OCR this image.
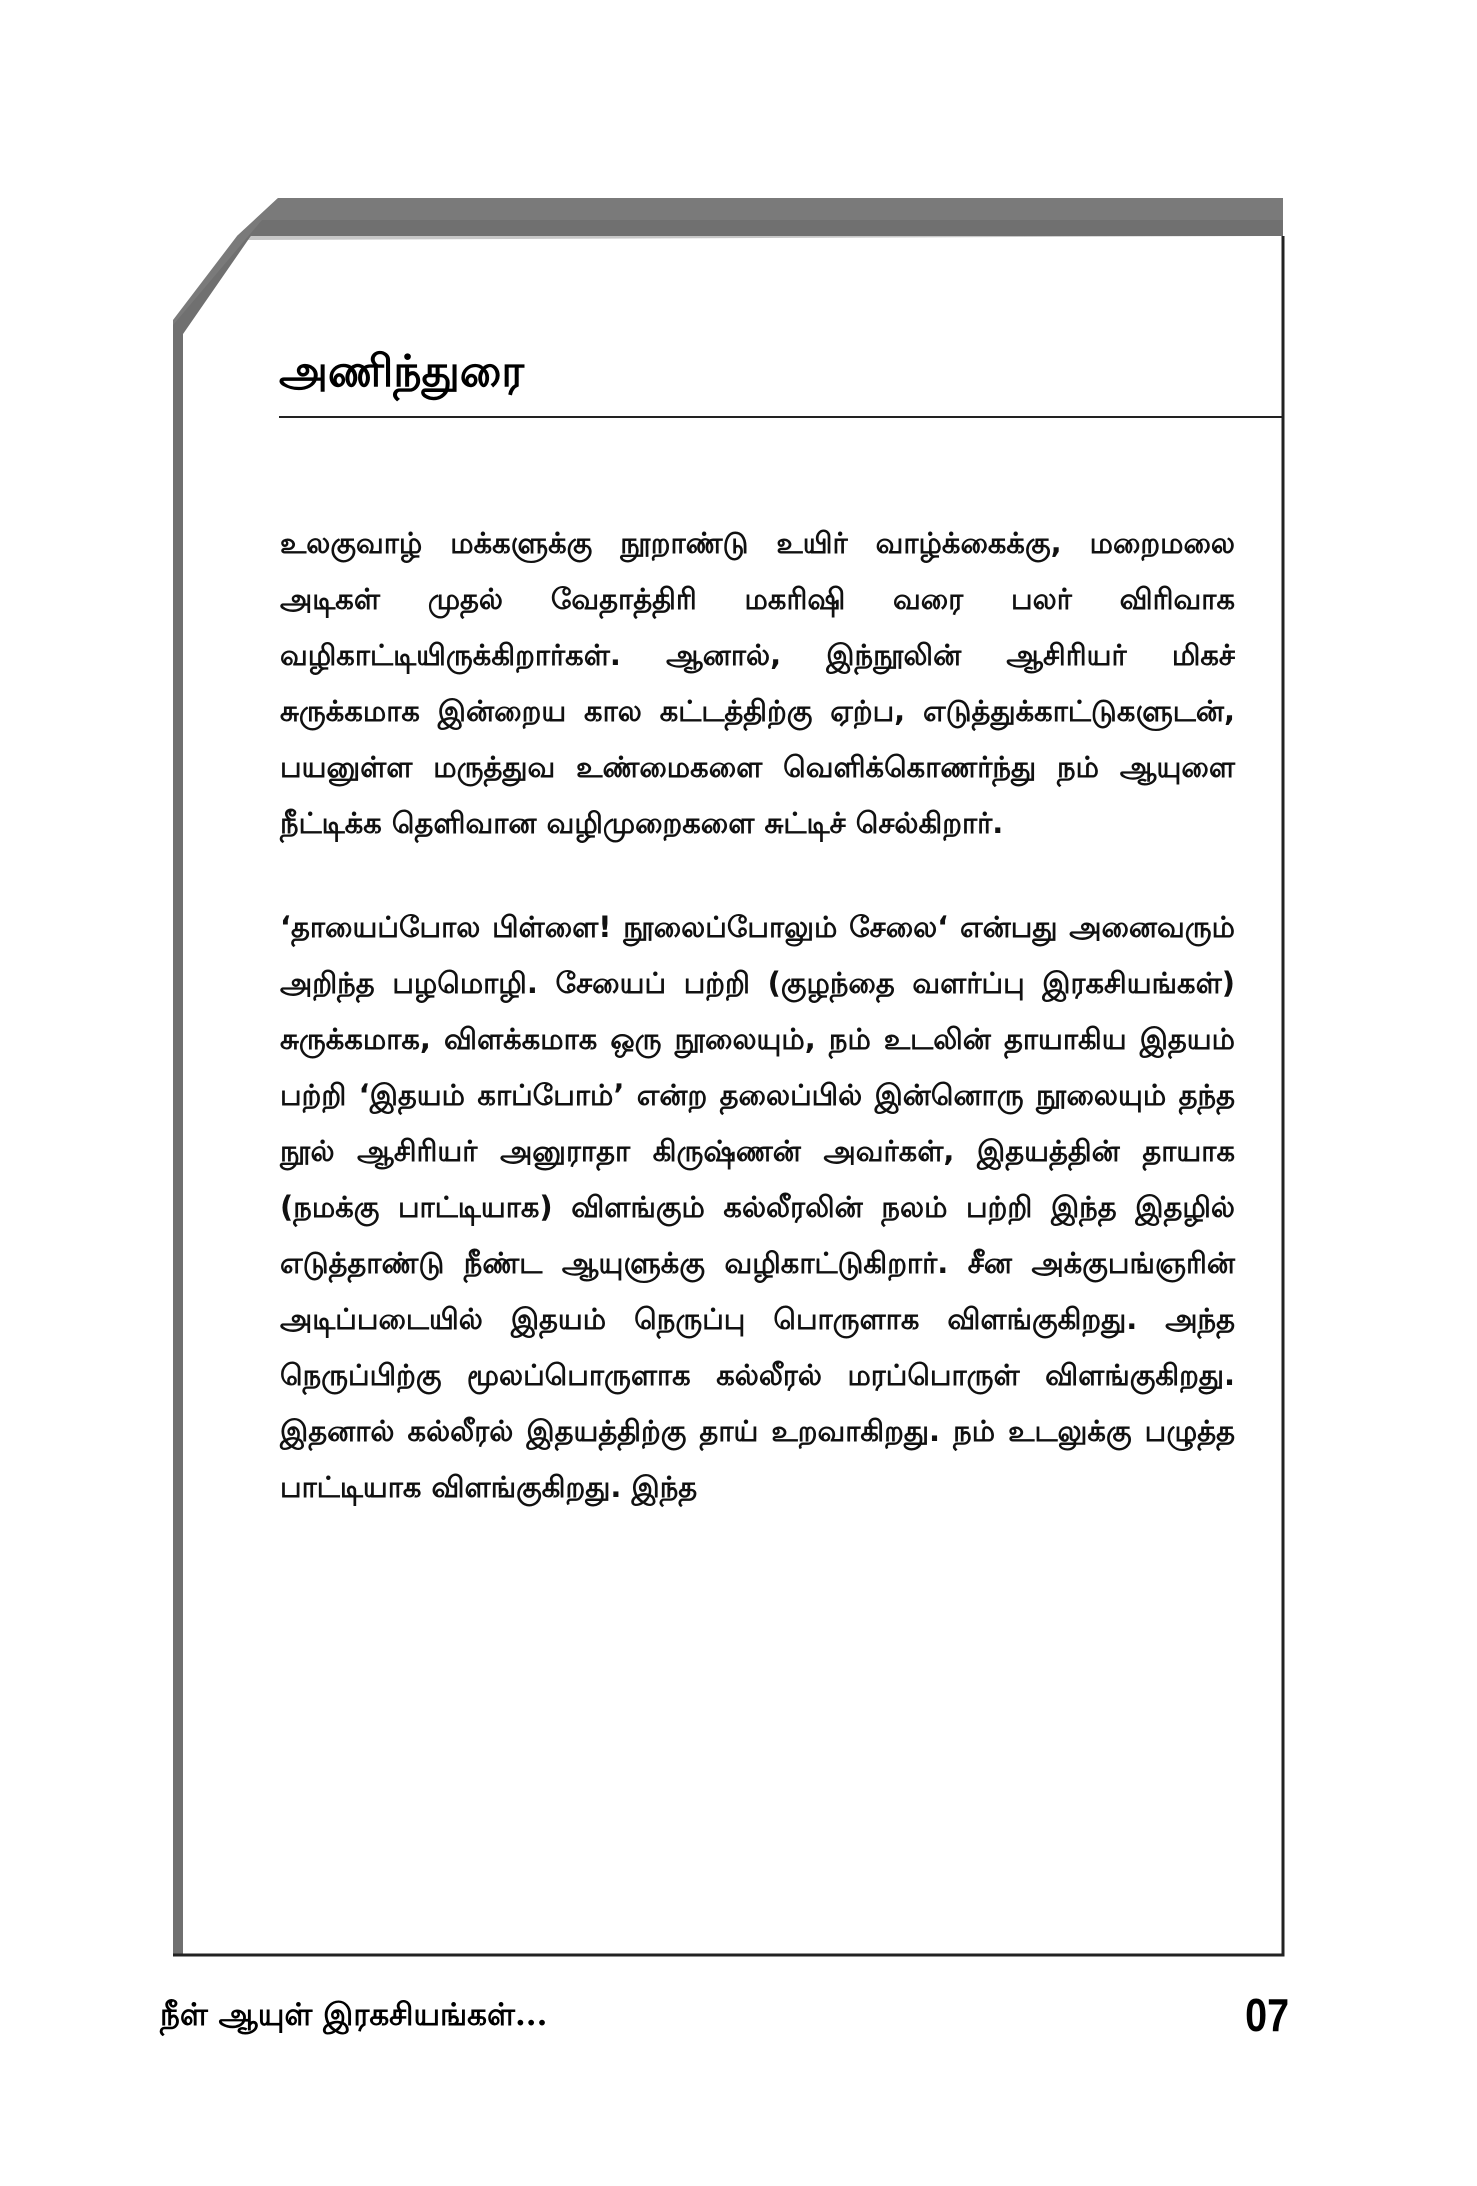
அணிந்துரை

உலகுவாழ் மக்களுக்கு நூறாண்டு உயிர் வாழ்க்கைக்கு, மறைமலை அடிகள் முதல் வேதாத்திரி மகரிஷி வரை பலர் விரிவாக வழிகாட்டியிருக்கிறார்கள். ஆனால், இந்நூலின் ஆசிரியர் மிகச் சுருக்கமாக இன்றைய கால கட்டத்திற்கு ஏற்ப, எடுத்துக்காட்டுகளுடன், பயனுள்ள மருத்துவ உண்மைகளை வெளிக்கொணர்ந்து நம் ஆயுளை நீட்டிக்க தெளிவான வழிமுறைகளை சுட்டிச் செல்கிறார்.

‘தாயைப்போல பிள்ளை! நூலைப்போலும் சேலை‘ என்பது அனைவரும் அறிந்த பழமொழி. சேயைப் பற்றி (குழந்தை வளர்ப்பு இரகசியங்கள்) சுருக்கமாக, விளக்கமாக ஒரு நூலையும், நம் உடலின் தாயாகிய இதயம் பற்றி ‘இதயம் காப்போம்’ என்ற தலைப்பில் இன்னொரு நூலையும் தந்த நூல் ஆசிரியர் அனுராதா கிருஷ்ணன் அவர்கள், இதயத்தின் தாயாக (நமக்கு பாட்டியாக) விளங்கும் கல்லீரலின் நலம் பற்றி இந்த இதழில் எடுத்தாண்டு நீண்ட ஆயுளுக்கு வழிகாட்டுகிறார். சீன அக்குபங்ஞரின் அடிப்படையில் இதயம் நெருப்பு பொருளாக விளங்குகிறது. அந்த நெருப்பிற்கு மூலப்பொருளாக கல்லீரல் மரப்பொருள் விளங்குகிறது. இதனால் கல்லீரல் இதயத்திற்கு தாய் உறவாகிறது. நம் உடலுக்கு பழுத்த பாட்டியாக விளங்குகிறது. இந்த

நீள் ஆயுள் இரகசியங்கள்...	07
